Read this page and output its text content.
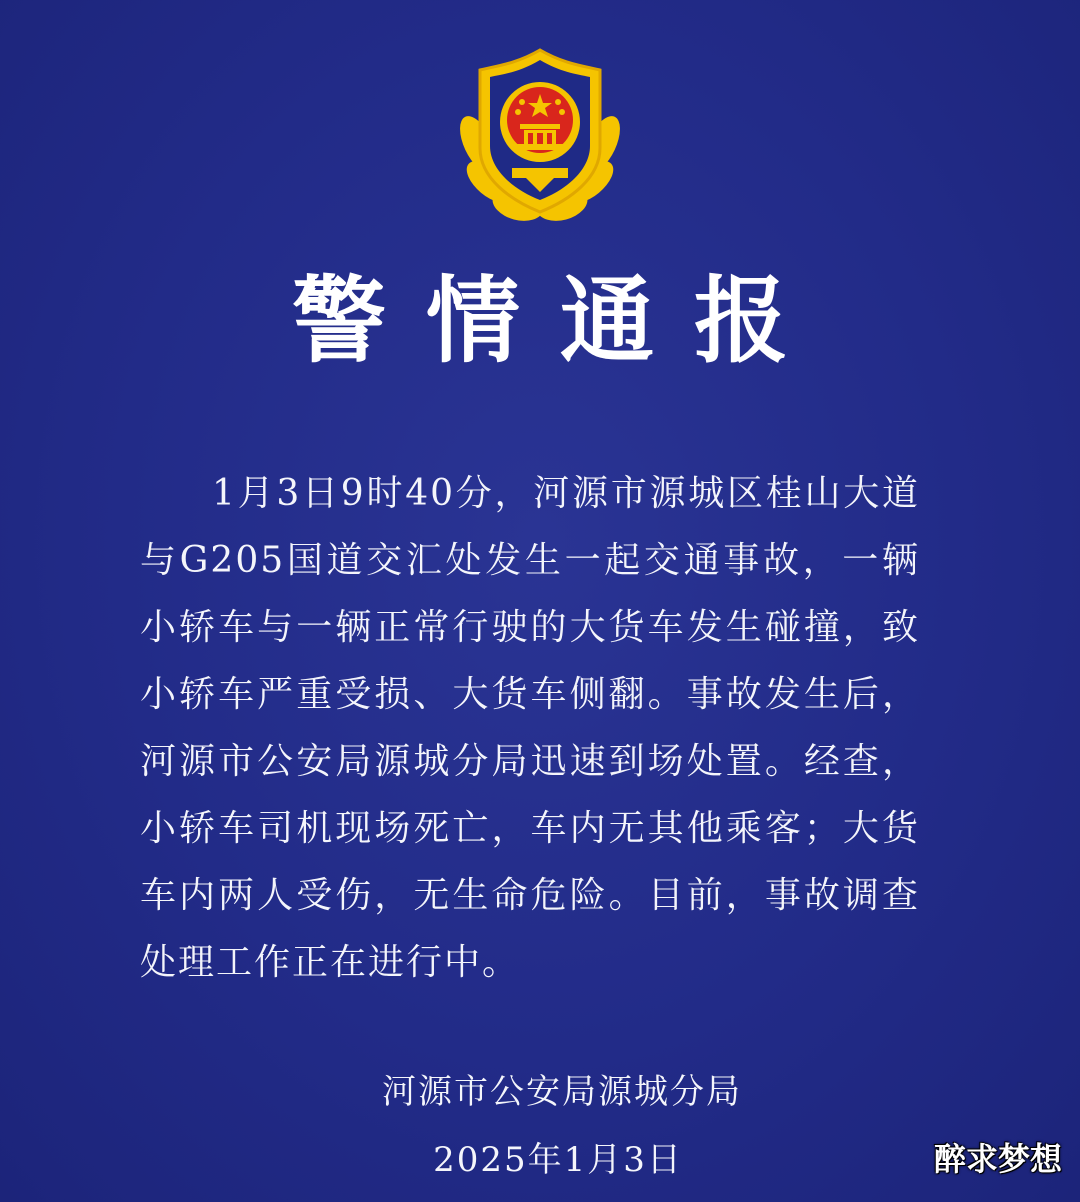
警情通报
1月3日9时40分，河源市源城区桂山大道与G205国道交汇处发生一起交通事故，一辆小轿车与一辆正常行驶的大货车发生碰撞，致小轿车严重受损、大货车侧翻。事故发生后，河源市公安局源城分局迅速到场处置。经查，小轿车司机现场死亡，车内无其他乘客；大货车内两人受伤，无生命危险。目前，事故调查处理工作正在进行中。
河源市公安局源城分局
2025年1月3日	醉求梦想
